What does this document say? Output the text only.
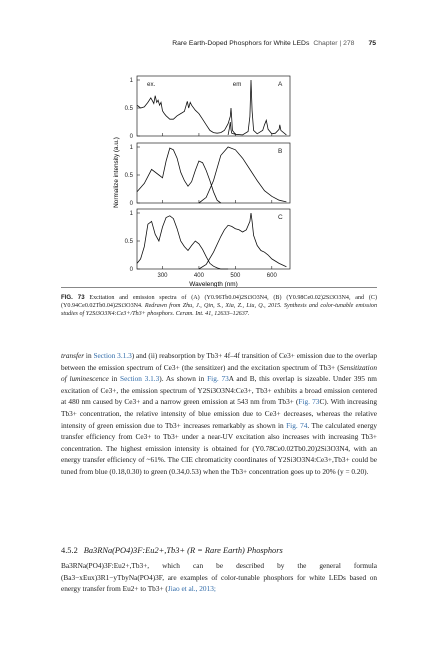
Rare Earth-Doped Phosphors for White LEDs Chapter | 278 75
1
0.5
0
A
1
0.5
0
B
1
0.5
0
C
ex.	em
300	400	500	600
Normalize intensity (a.u.)
Wavelength (nm)
FIG. 73 Excitation and emission spectra of (A) (Y0.96Tb0.04)2Si3O3N4, (B) (Y0.98Ce0.02)2Si3O3N4, and (C) (Y0.94Ce0.02Tb0.04)2Si3O3N4. Redrawn from Zhu, J., Qin, S., Xia, Z., Liu, Q., 2015. Synthesis and color-tunable emission studies of Y2Si3O3N4:Ce3+/Tb3+ phosphors. Ceram. Int. 41, 12633–12637.
transfer in Section 3.1.3) and (ii) reabsorption by Tb3+ 4f–4f transition of Ce3+ emission due to the overlap between the emission spectrum of Ce3+ (the sensitizer) and the excitation spectrum of Tb3+ (Sensitization of luminescence in Section 3.1.3). As shown in Fig. 73A and B, this overlap is sizeable. Under 395 nm excitation of Ce3+, the emission spectrum of Y2Si3O3N4:Ce3+, Tb3+ exhibits a broad emission centered at 480 nm caused by Ce3+ and a narrow green emission at 543 nm from Tb3+ (Fig. 73C). With increasing Tb3+ concentration, the relative intensity of blue emission due to Ce3+ decreases, whereas the relative intensity of green emission due to Tb3+ increases remarkably as shown in Fig. 74. The calculated energy transfer efficiency from Ce3+ to Tb3+ under a near-UV excitation also increases with increasing Tb3+ concentration. The highest emission intensity is obtained for (Y0.78Ce0.02Tb0.20)2Si3O3N4, with an energy transfer efficiency of ~61%. The CIE chromaticity coordinates of Y2Si3O3N4:Ce3+,Tb3+ could be tuned from blue (0.18,0.30) to green (0.34,0.53) when the Tb3+ concentration goes up to 20% (y = 0.20).
4.5.2 Ba3RNa(PO4)3F:Eu2+,Tb3+ (R = Rare Earth) Phosphors
Ba3RNa(PO4)3F:Eu2+,Tb3+, which can be described by the general formula (Ba3−xEux)3R1−yTbyNa(PO4)3F, are examples of color-tunable phosphors for white LEDs based on energy transfer from Eu2+ to Tb3+ (Jiao et al., 2013;
